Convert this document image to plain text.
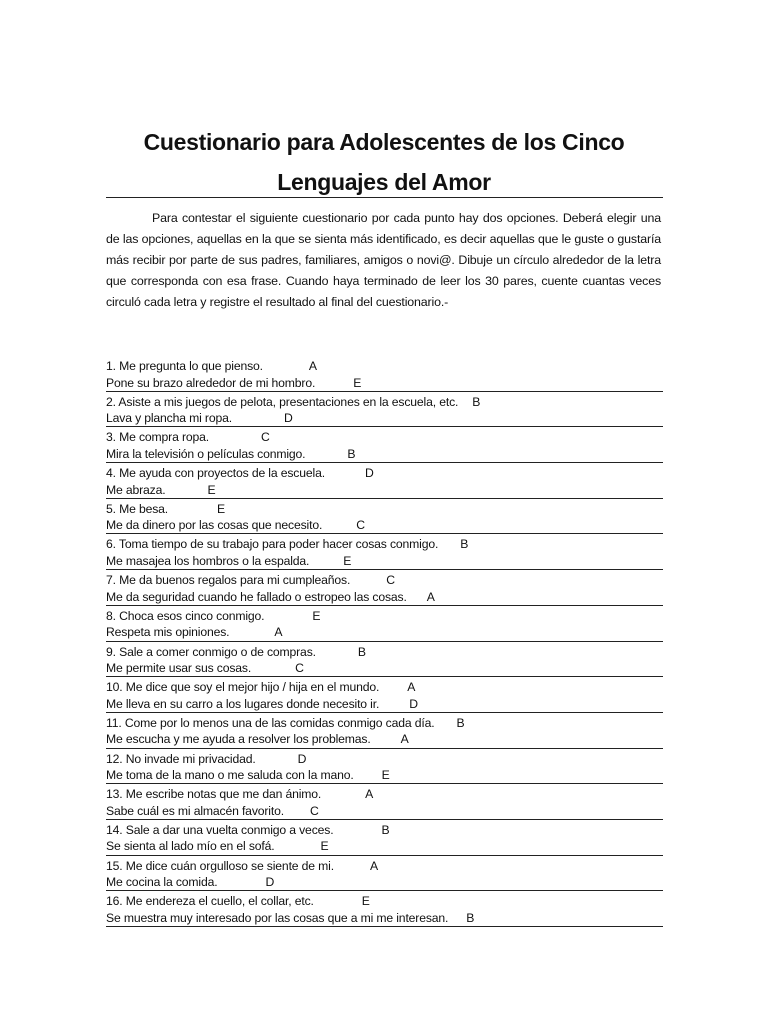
Cuestionario para Adolescentes de los Cinco
Lenguajes del Amor
Para contestar el siguiente cuestionario por cada punto hay dos opciones. Deberá elegir una de las opciones, aquellas en la que se sienta más identificado, es decir aquellas que le guste o gustaría más recibir por parte de sus padres, familiares, amigos o novi@. Dibuje un círculo alrededor de la letra que corresponda con esa frase. Cuando haya terminado de leer los 30 pares, cuente cuantas veces circuló cada letra y registre el resultado al final del cuestionario.-
1. Me pregunta lo que pienso.	A
Pone su brazo alrededor de mi hombro.	E
2. Asiste a mis juegos de pelota, presentaciones en la escuela, etc. B
Lava y plancha mi ropa.	D
3. Me compra ropa.	C
Mira la televisión o películas conmigo.	B
4. Me ayuda con proyectos de la escuela.	D
Me abraza.	E
5. Me besa.	E
Me da dinero por las cosas que necesito.	C
6. Toma tiempo de su trabajo para poder hacer cosas conmigo. B
Me masajea los hombros o la espalda.	E
7. Me da buenos regalos para mi cumpleaños.	C
Me da seguridad cuando he fallado o estropeo las cosas. A
8. Choca esos cinco conmigo.	E
Respeta mis opiniones.	A
9. Sale a comer conmigo o de compras.	B
Me permite usar sus cosas.	C
10. Me dice que soy el mejor hijo / hija en el mundo. A
Me lleva en su carro a los lugares donde necesito ir. D
11. Come por lo menos una de las comidas conmigo cada día. B
Me escucha y me ayuda a resolver los problemas. A
12. No invade mi privacidad.	D
Me toma de la mano o me saluda con la mano. E
13. Me escribe notas que me dan ánimo.	A
Sabe cuál es mi almacén favorito. C
14. Sale a dar una vuelta conmigo a veces.	B
Se sienta al lado mío en el sofá.	E
15. Me dice cuán orgulloso se siente de mi.	A
Me cocina la comida.	D
16. Me endereza el cuello, el collar, etc.	E
Se muestra muy interesado por las cosas que a mi me interesan. B
